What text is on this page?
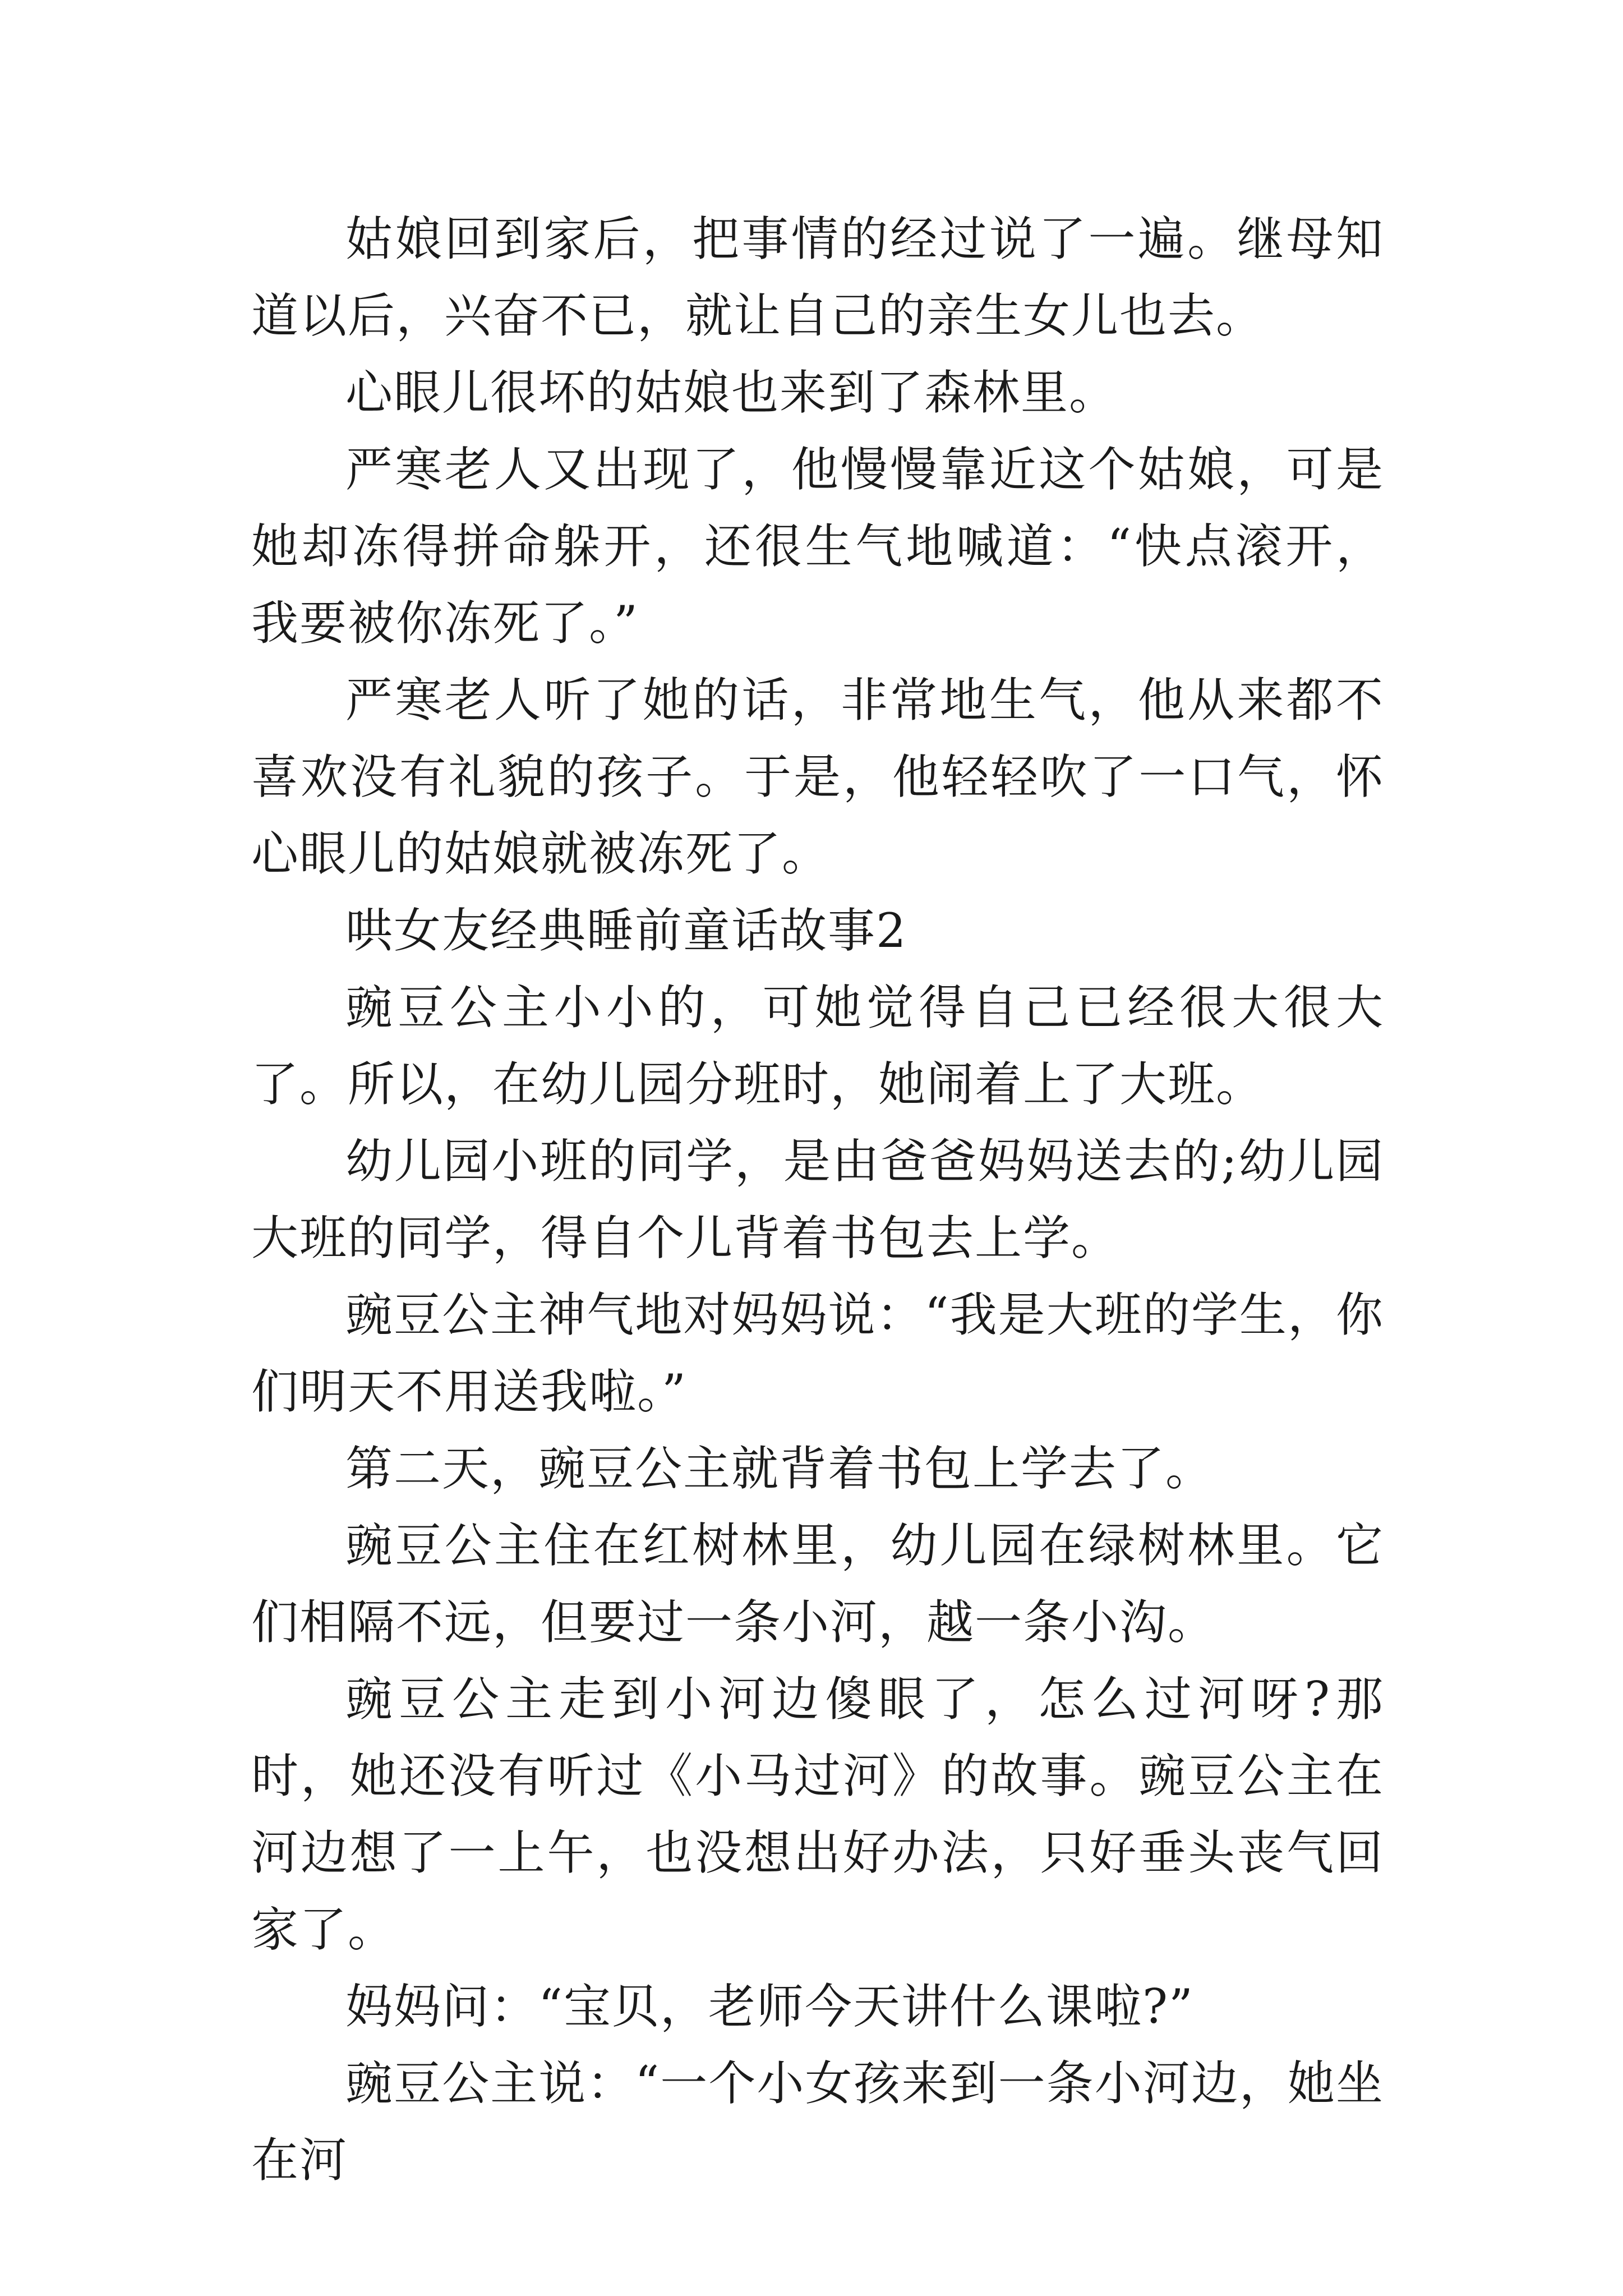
姑娘回到家后，把事情的经过说了一遍。继母知道以后，兴奋不已，就让自己的亲生女儿也去。

心眼儿很坏的姑娘也来到了森林里。

严寒老人又出现了，他慢慢靠近这个姑娘，可是她却冻得拼命躲开，还很生气地喊道：“快点滚开，我要被你冻死了。”

严寒老人听了她的话，非常地生气，他从来都不喜欢没有礼貌的孩子。于是，他轻轻吹了一口气，怀心眼儿的姑娘就被冻死了。

哄女友经典睡前童话故事2

豌豆公主小小的，可她觉得自己已经很大很大了。所以，在幼儿园分班时，她闹着上了大班。

幼儿园小班的同学，是由爸爸妈妈送去的;幼儿园大班的同学，得自个儿背着书包去上学。

豌豆公主神气地对妈妈说：“我是大班的学生，你们明天不用送我啦。”

第二天，豌豆公主就背着书包上学去了。

豌豆公主住在红树林里，幼儿园在绿树林里。它们相隔不远，但要过一条小河，越一条小沟。

豌豆公主走到小河边傻眼了，怎么过河呀?那时，她还没有听过《小马过河》的故事。豌豆公主在河边想了一上午，也没想出好办法，只好垂头丧气回家了。

妈妈问：“宝贝，老师今天讲什么课啦?”

豌豆公主说：“一个小女孩来到一条小河边，她坐在河
